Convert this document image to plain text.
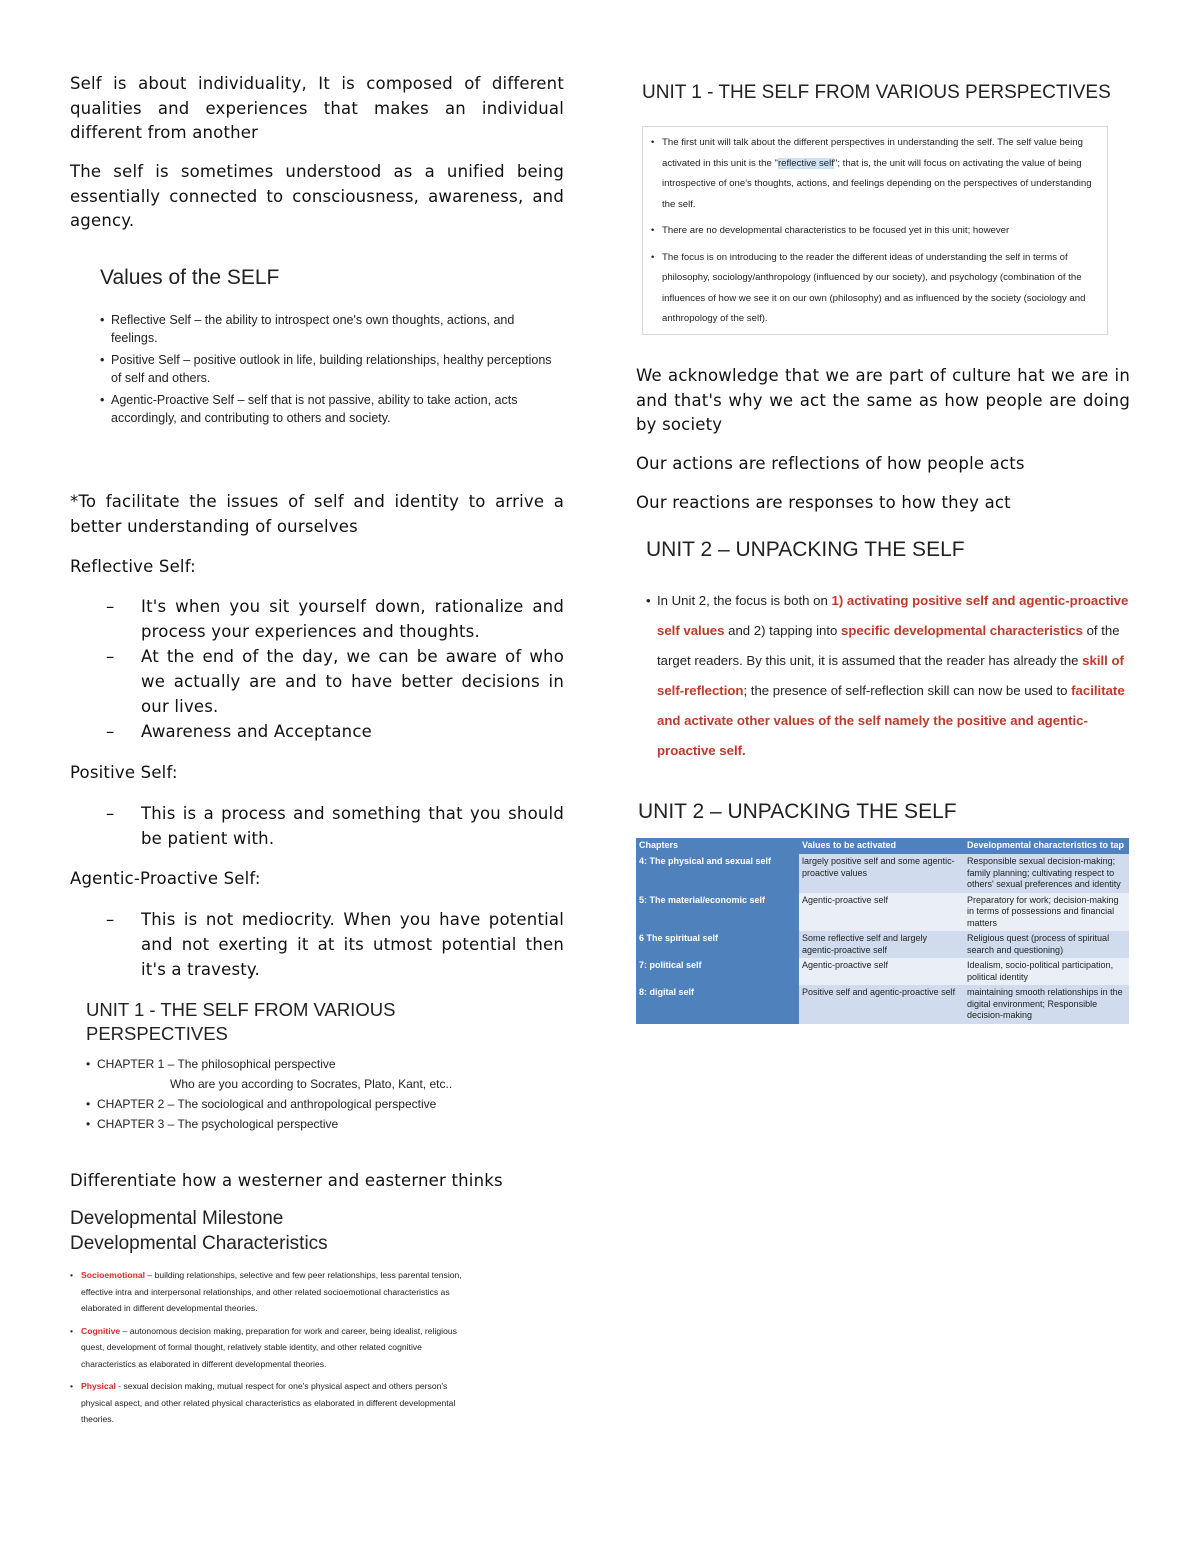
Self is about individuality, It is composed of different qualities and experiences that makes an individual different from another

The self is sometimes understood as a unified being essentially connected to consciousness, awareness, and agency.

Values of the SELF
• Reflective Self – the ability to introspect one's own thoughts, actions, and feelings.
• Positive Self – positive outlook in life, building relationships, healthy perceptions of self and others.
• Agentic-Proactive Self – self that is not passive, ability to take action, acts accordingly, and contributing to others and society.

*To facilitate the issues of self and identity to arrive a better understanding of ourselves

Reflective Self:

– It's when you sit yourself down, rationalize and process your experiences and thoughts.
– At the end of the day, we can be aware of who we actually are and to have better decisions in our lives.
– Awareness and Acceptance

Positive Self:

– This is a process and something that you should be patient with.

Agentic-Proactive Self:

– This is not mediocrity. When you have potential and not exerting it at its utmost potential then it's a travesty.
UNIT 1 - THE SELF FROM VARIOUS
PERSPECTIVES
• CHAPTER 1 – The philosophical perspective
Who are you according to Socrates, Plato, Kant, etc..
• CHAPTER 2 – The sociological and anthropological perspective
• CHAPTER 3 – The psychological perspective

Differentiate how a westerner and easterner thinks

Developmental Milestone
Developmental Characteristics
• Socioemotional – building relationships, selective and few peer relationships, less parental tension, effective intra and interpersonal relationships, and other related socioemotional characteristics as elaborated in different developmental theories.
• Cognitive – autonomous decision making, preparation for work and career, being idealist, religious quest, development of formal thought, relatively stable identity, and other related cognitive characteristics as elaborated in different developmental theories.
• Physical - sexual decision making, mutual respect for one's physical aspect and others person's physical aspect, and other related physical characteristics as elaborated in different developmental theories.
UNIT 1 - THE SELF FROM VARIOUS PERSPECTIVES
• The first unit will talk about the different perspectives in understanding the self. The self value being activated in this unit is the "reflective self"; that is, the unit will focus on activating the value of being introspective of one's thoughts, actions, and feelings depending on the perspectives of understanding the self.
• There are no developmental characteristics to be focused yet in this unit; however
• The focus is on introducing to the reader the different ideas of understanding the self in terms of philosophy, sociology/anthropology (influenced by our society), and psychology (combination of the influences of how we see it on our own (philosophy) and as influenced by the society (sociology and anthropology of the self).

We acknowledge that we are part of culture hat we are in and that's why we act the same as how people are doing by society

Our actions are reflections of how people acts

Our reactions are responses to how they act

UNIT 2 – UNPACKING THE SELF
• In Unit 2, the focus is both on 1) activating positive self and agentic-proactive self values and 2) tapping into specific developmental characteristics of the target readers. By this unit, it is assumed that the reader has already the skill of self-reflection; the presence of self-reflection skill can now be used to facilitate and activate other values of the self namely the positive and agentic-proactive self.
UNIT 2 – UNPACKING THE SELF
Chapters	Values to be activated	Developmental characteristics to tap
4: The physical and sexual self	largely positive self and some agentic-proactive values	Responsible sexual decision-making; family planning; cultivating respect to others' sexual preferences and identity
5: The material/economic self	Agentic-proactive self	Preparatory for work; decision-making in terms of possessions and financial matters
6 The spiritual self	Some reflective self and largely agentic-proactive self	Religious quest (process of spiritual search and questioning)
7: political self	Agentic-proactive self	Idealism, socio-political participation, political identity
8: digital self	Positive self and agentic-proactive self	maintaining smooth relationships in the digital environment; Responsible decision-making
